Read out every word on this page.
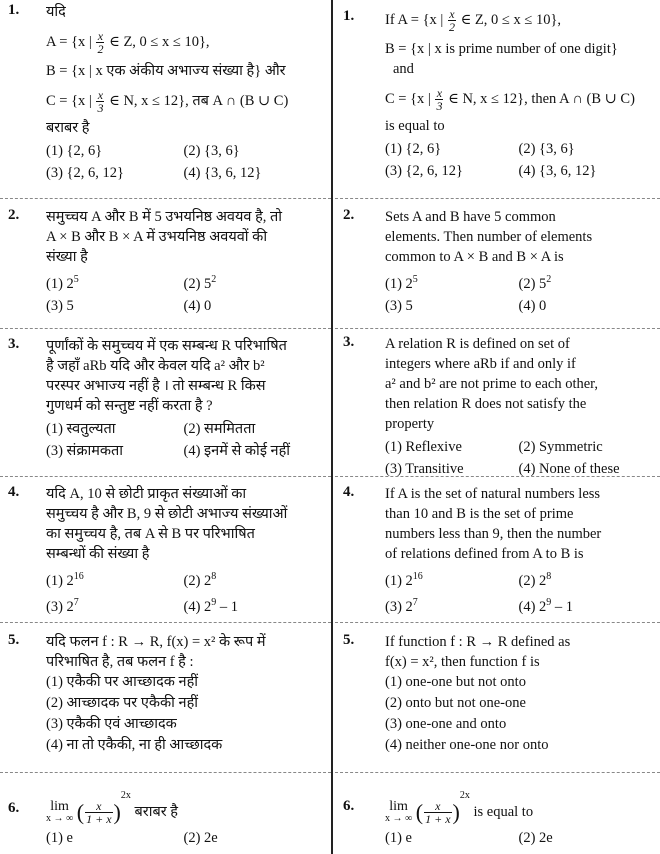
1. यदि
A = {x | $\frac{x}{2}$ ∈ Z, 0 ≤ x ≤ 10},
B = {x | x एक अंकीय अभाज्य संख्या है} और
C = {x | $\frac{x}{3}$ ∈ N, x ≤ 12}, तब A ∩ (B ∪ C)
बराबर है
(1) {2, 6}	(2) {3, 6}
(3) {2, 6, 12}	(4) {3, 6, 12}
2. समुच्चय A और B में 5 उभयनिष्ठ अवयव है, तो
A × B और B × A में उभयनिष्ठ अवयवों की
संख्या है
(1) $2^5$	(2) $5^2$
(3) 5	(4) 0
3. पूर्णांकों के समुच्चय में एक सम्बन्ध R परिभाषित
है जहाँ aRb यदि और केवल यदि a² और b²
परस्पर अभाज्य नहीं है । तो सम्बन्ध R किस
गुणधर्म को सन्तुष्ट नहीं करता है ?
(1) स्वतुल्यता	(2) सममितता
(3) संक्रामकता	(4) इनमें से कोई नहीं
4. यदि A, 10 से छोटी प्राकृत संख्याओं का
समुच्चय है और B, 9 से छोटी अभाज्य संख्याओं
का समुच्चय है, तब A से B पर परिभाषित
सम्बन्धों की संख्या है
(1) $2^{16}$	(2) $2^8$
(3) $2^7$	(4) $2^9 - 1$
5. यदि फलन f : R → R, f(x) = x² के रूप में
परिभाषित है, तब फलन f है :
(1) एकैकी पर आच्छादक नहीं
(2) आच्छादक पर एकैकी नहीं
(3) एकैकी एवं आच्छादक
(4) ना तो एकैकी, ना ही आच्छादक
6.	lim
x → ∞ ( $\frac{x}{1 + x} )^{2x}$ बराबर है
(1) e	(2) 2e
1. If A = {x | $\frac{x}{2}$ ∈ Z, 0 ≤ x ≤ 10},
B = {x | x is prime number of one digit}
and
C = {x | $\frac{x}{3}$ ∈ N, x ≤ 12}, then A ∩ (B ∪ C)
is equal to
(1) {2, 6}	(2) {3, 6}
(3) {2, 6, 12}	(4) {3, 6, 12}
2. Sets A and B have 5 common
elements. Then number of elements
common to A × B and B × A is
(1) $2^5$	(2) $5^2$
(3) 5	(4) 0
3. A relation R is defined on set of
integers where aRb if and only if
a² and b² are not prime to each other,
then relation R does not satisfy the
property
(1) Reflexive	(2) Symmetric
(3) Transitive	(4) None of these
4. If A is the set of natural numbers less
than 10 and B is the set of prime
numbers less than 9, then the number
of relations defined from A to B is
(1) $2^{16}$	(2) $2^8$
(3) $2^7$	(4) $2^9 - 1$
5. If function f : R → R defined as
f(x) = x², then function f is
(1) one-one but not onto
(2) onto but not one-one
(3) one-one and onto
(4) neither one-one nor onto
6.	lim
x → ∞ ( $\frac{x}{1 + x} )^{2x}$ is equal to
(1) e	(2) 2e
